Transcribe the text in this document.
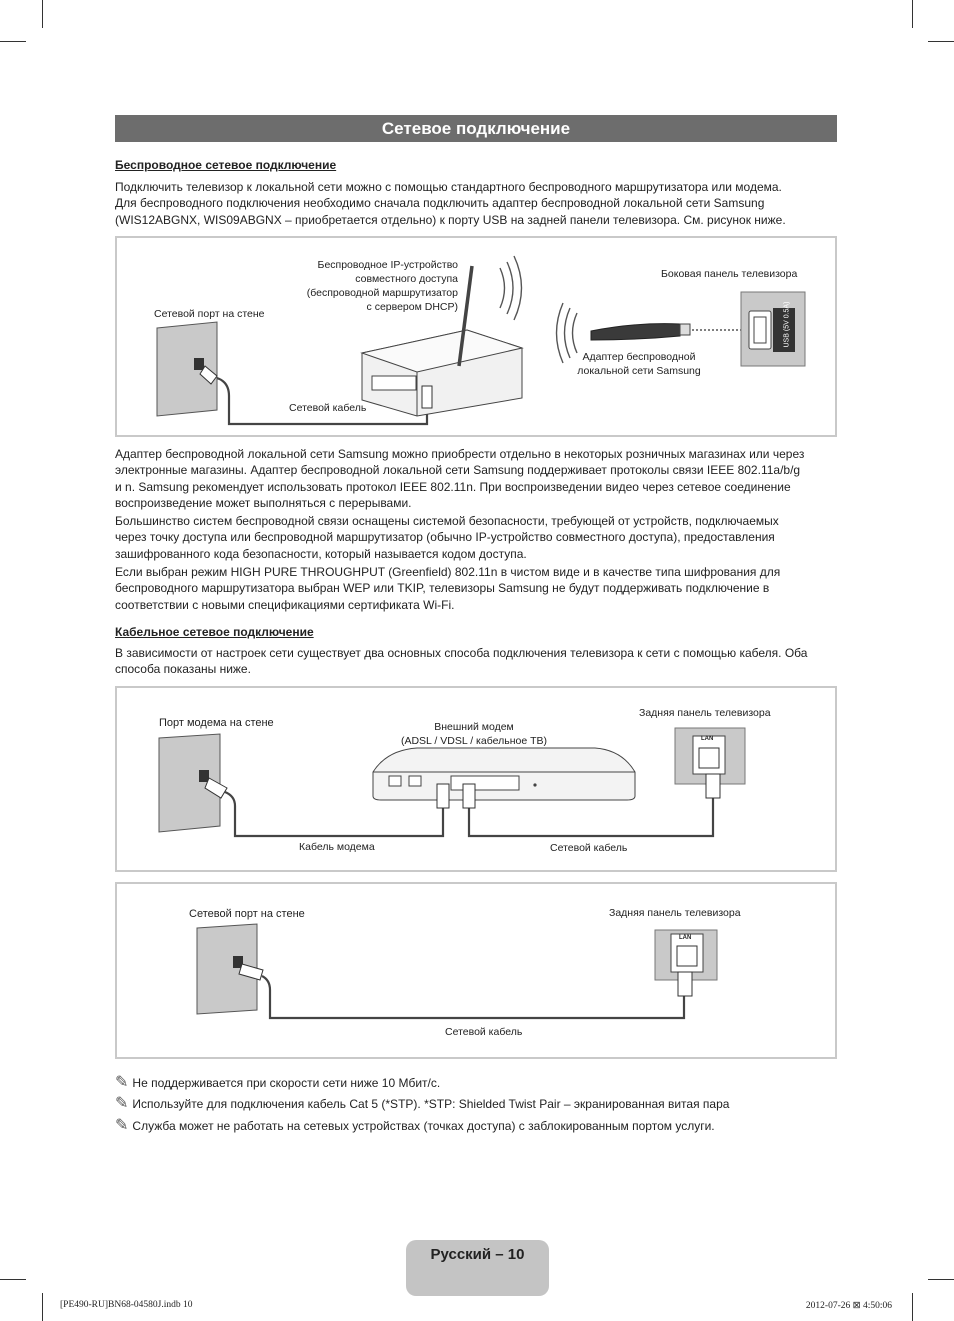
Сетевое подключение
Беспроводное сетевое подключение
Подключить телевизор к локальной сети можно с помощью стандартного беспроводного маршрутизатора или модема.
Для беспроводного подключения необходимо сначала подключить адаптер беспроводной локальной сети Samsung
(WIS12ABGNX, WIS09ABGNX – приобретается отдельно) к порту USB на задней панели телевизора. См. рисунок ниже.
Сетевой порт на стене
Беспроводное IP-устройство
совместного доступа
(беспроводной маршрутизатор
с сервером DHCP)
Сетевой кабель
Боковая панель телевизора
Адаптер беспроводной
локальной сети Samsung
USB (5V 0.5A)
Адаптер беспроводной локальной сети Samsung можно приобрести отдельно в некоторых розничных магазинах или через
электронные магазины. Адаптер беспроводной локальной сети Samsung поддерживает протоколы связи IEEE 802.11a/b/g
и n. Samsung рекомендует использовать протокол IEEE 802.11n. При воспроизведении видео через сетевое соединение
воспроизведение может выполняться с перерывами.
Большинство систем беспроводной связи оснащены системой безопасности, требующей от устройств, подключаемых
через точку доступа или беспроводной маршрутизатор (обычно IP-устройство совместного доступа), предоставления
зашифрованного кода безопасности, который называется кодом доступа.
Если выбран режим HIGH PURE THROUGHPUT (Greenfield) 802.11n в чистом виде и в качестве типа шифрования для
беспроводного маршрутизатора выбран WEP или TKIP, телевизоры Samsung не будут поддерживать подключение в
соответствии с новыми спецификациями сертификата Wi-Fi.
Кабельное сетевое подключение
В зависимости от настроек сети существует два основных способа подключения телевизора к сети с помощью кабеля. Оба
способа показаны ниже.
Порт модема на стене	Внешний модем
(ADSL / VDSL / кабельное ТВ)
Задняя панель телевизора
Кабель модема	Сетевой кабель
LAN
Сетевой порт на стене	Задняя панель телевизора
Сетевой кабель
LAN
✎ Не поддерживается при скорости сети ниже 10 Мбит/с.
✎ Используйте для подключения кабель Cat 5 (*STP). *STP: Shielded Twist Pair – экранированная витая пара
✎ Служба может не работать на сетевых устройствах (точках доступа) с заблокированным портом услуги.
Русский – 10
[PE490-RU]BN68-04580J.indb 10	2012-07-26 ⊠ 4:50:06
